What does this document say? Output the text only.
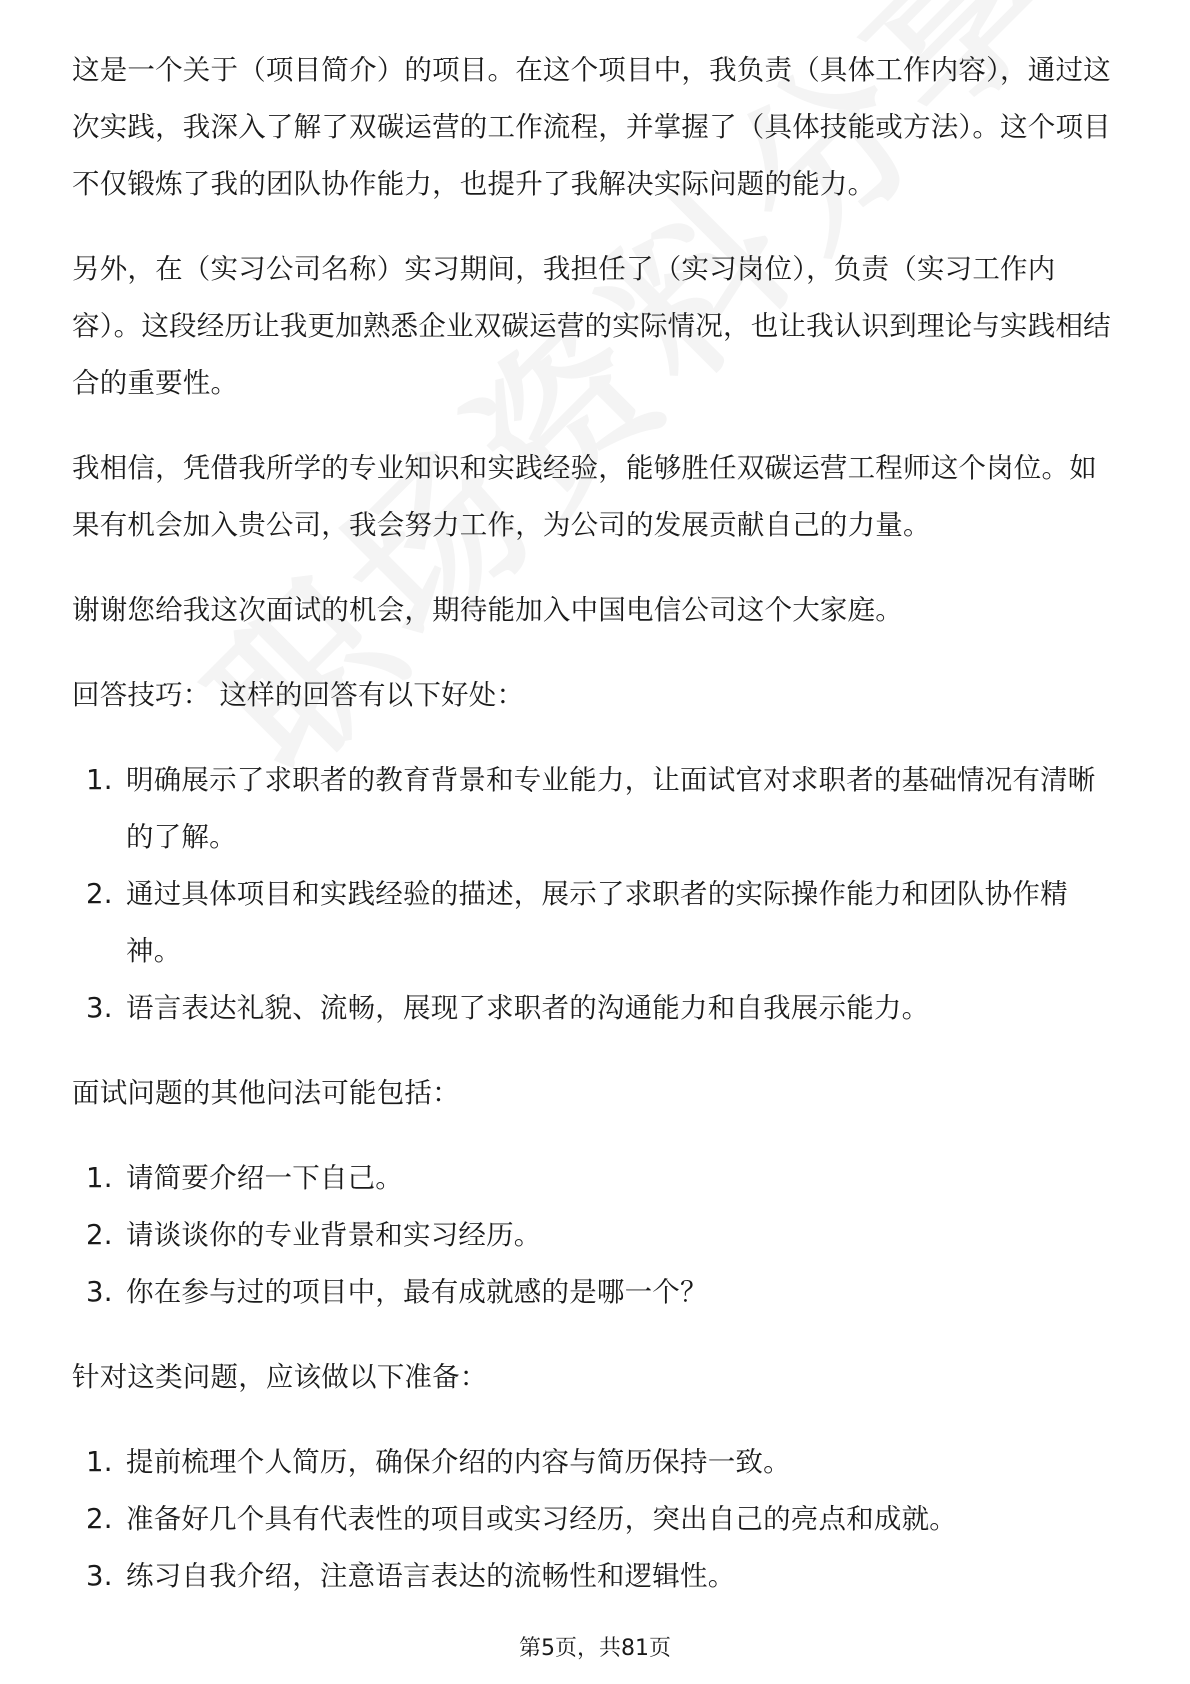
这是一个关于（项目简介）的项目。在这个项目中，我负责（具体工作内容），通过这次实践，我深入了解了双碳运营的工作流程，并掌握了（具体技能或方法）。这个项目不仅锻炼了我的团队协作能力，也提升了我解决实际问题的能力。

另外，在（实习公司名称）实习期间，我担任了（实习岗位），负责（实习工作内容）。这段经历让我更加熟悉企业双碳运营的实际情况，也让我认识到理论与实践相结合的重要性。

我相信，凭借我所学的专业知识和实践经验，能够胜任双碳运营工程师这个岗位。如果有机会加入贵公司，我会努力工作，为公司的发展贡献自己的力量。

谢谢您给我这次面试的机会，期待能加入中国电信公司这个大家庭。

回答技巧： 这样的回答有以下好处：

1. 明确展示了求职者的教育背景和专业能力，让面试官对求职者的基础情况有清晰的了解。
2. 通过具体项目和实践经验的描述，展示了求职者的实际操作能力和团队协作精神。
3. 语言表达礼貌、流畅，展现了求职者的沟通能力和自我展示能力。

面试问题的其他问法可能包括：

1. 请简要介绍一下自己。
2. 请谈谈你的专业背景和实习经历。
3. 你在参与过的项目中，最有成就感的是哪一个？

针对这类问题，应该做以下准备：

1. 提前梳理个人简历，确保介绍的内容与简历保持一致。
2. 准备好几个具有代表性的项目或实习经历，突出自己的亮点和成就。
3. 练习自我介绍，注意语言表达的流畅性和逻辑性。
第5页，共81页
